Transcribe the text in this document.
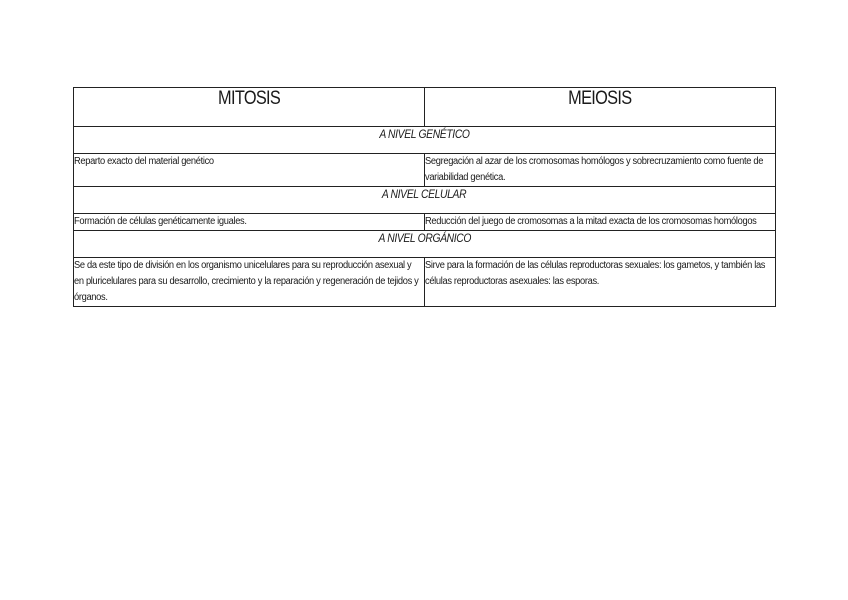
MITOSIS	MEIOSIS
A NIVEL GENÉTICO	

Reparto exacto del material genético	Segregación al azar de los cromosomas homólogos y sobrecruzamiento como fuente de variabilidad genética.

A NIVEL CELULAR	

Formación de células genéticamente iguales.	Reducción del juego de cromosomas a la mitad exacta de los cromosomas homólogos

A NIVEL ORGÁNICO	

Se da este tipo de división en los organismo unicelulares para su reproducción asexual y en pluricelulares para su desarrollo, crecimiento y la reparación y regeneración de tejidos y órganos.	Sirve para la formación de las células reproductoras sexuales: los gametos, y también las células reproductoras asexuales: las esporas.
